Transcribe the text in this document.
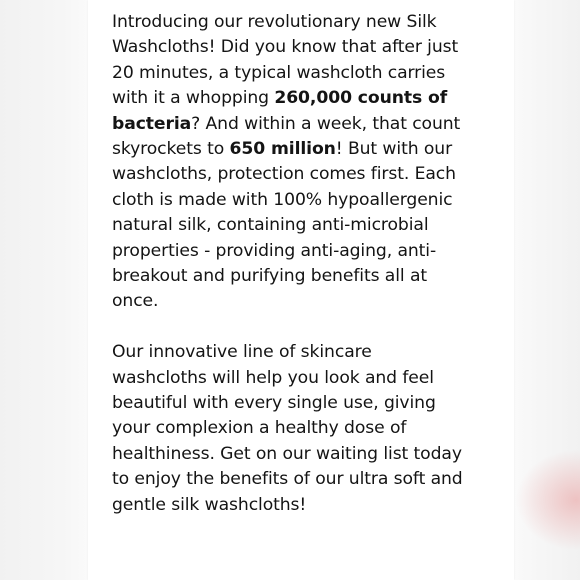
Introducing our revolutionary new Silk Washcloths! Did you know that after just 20 minutes, a typical washcloth carries with it a whopping 260,000 counts of bacteria? And within a week, that count skyrockets to 650 million! But with our washcloths, protection comes first. Each cloth is made with 100% hypoallergenic natural silk, containing anti-microbial properties - providing anti-aging, anti-breakout and purifying benefits all at once.

Our innovative line of skincare washcloths will help you look and feel beautiful with every single use, giving your complexion a healthy dose of healthiness. Get on our waiting list today to enjoy the benefits of our ultra soft and gentle silk washcloths!
